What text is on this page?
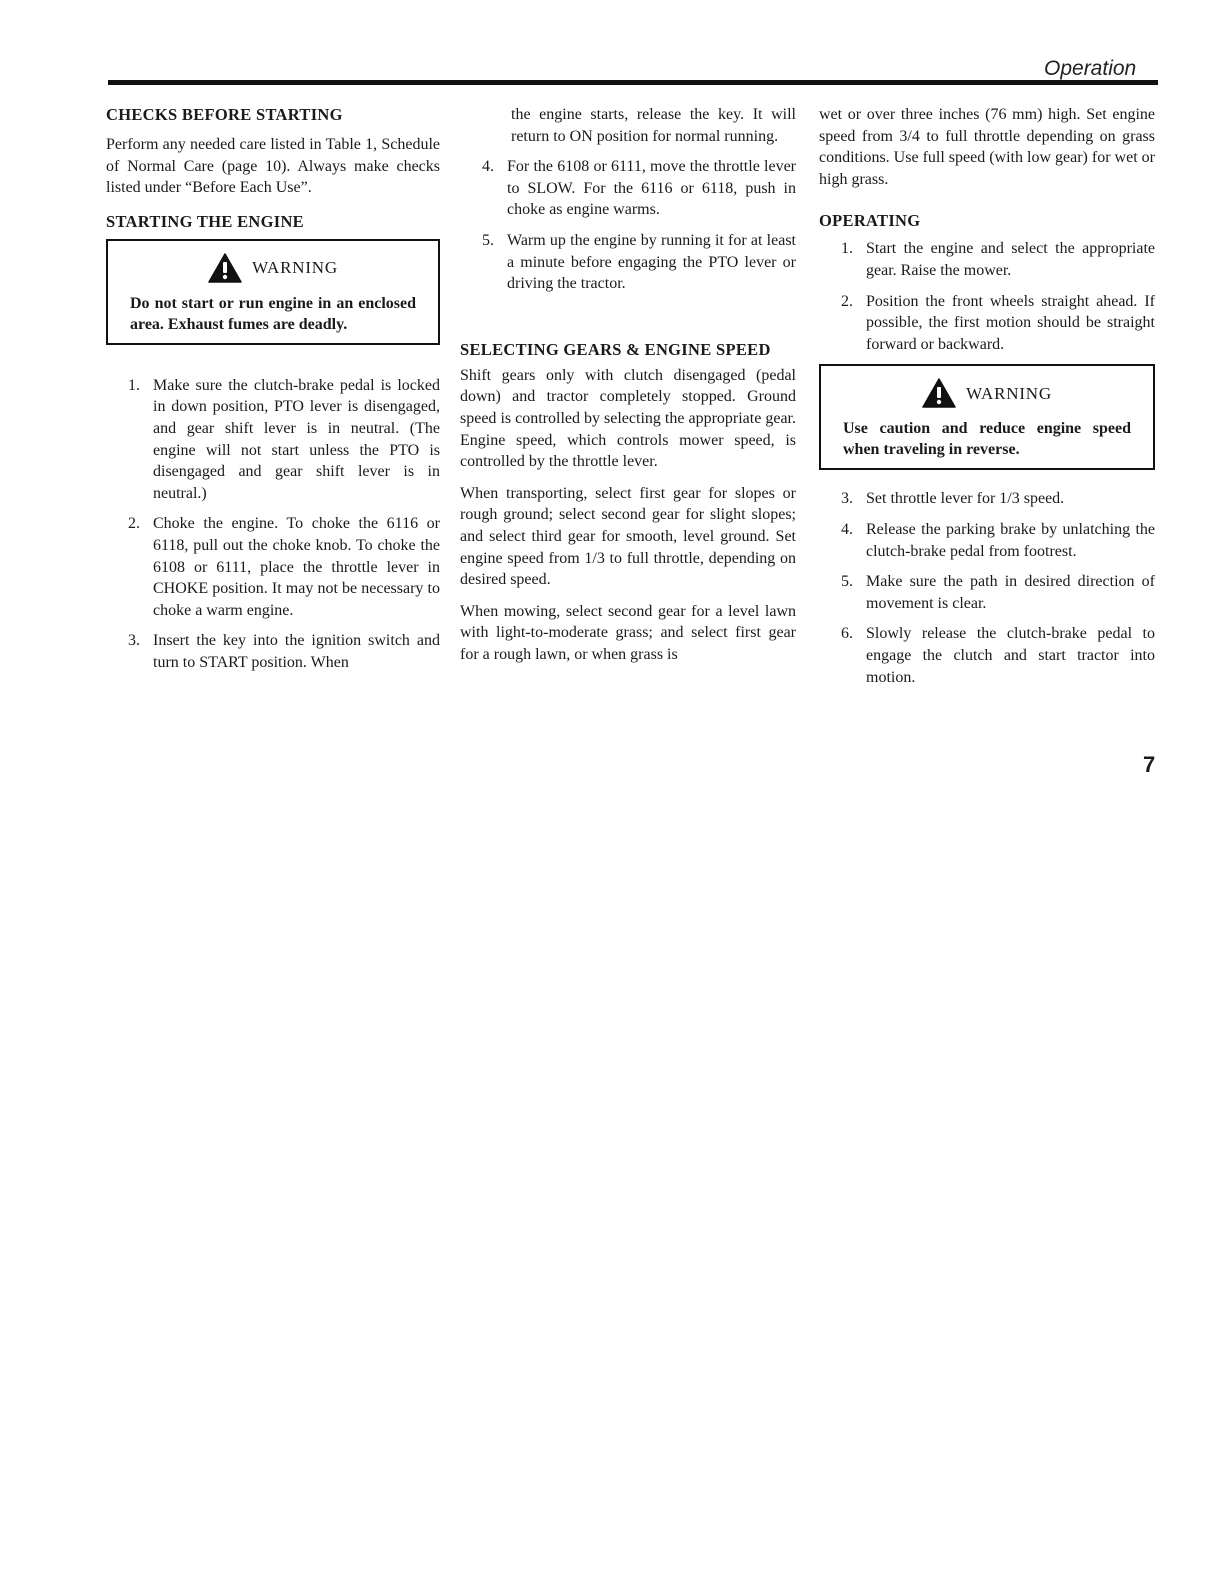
Operation
CHECKS BEFORE STARTING

Perform any needed care listed in Table 1, Schedule of Normal Care (page 10). Always make checks listed under “Before Each Use”.

STARTING THE ENGINE
WARNING
Do not start or run engine in an enclosed area. Exhaust fumes are deadly.
1. Make sure the clutch-brake pedal is locked in down position, PTO lever is disengaged, and gear shift lever is in neutral. (The engine will not start unless the PTO is disengaged and gear shift lever is in neutral.)
2. Choke the engine. To choke the 6116 or 6118, pull out the choke knob. To choke the 6108 or 6111, place the throttle lever in CHOKE position. It may not be necessary to choke a warm engine.
3. Insert the key into the ignition switch and turn to START position. When

the engine starts, release the key. It will return to ON position for normal running.

4. For the 6108 or 6111, move the throttle lever to SLOW. For the 6116 or 6118, push in choke as engine warms.
5. Warm up the engine by running it for at least a minute before engaging the PTO lever or driving the tractor.
SELECTING GEARS & ENGINE SPEED

Shift gears only with clutch disengaged (pedal down) and tractor completely stopped. Ground speed is controlled by selecting the appropriate gear. Engine speed, which controls mower speed, is controlled by the throttle lever.

When transporting, select first gear for slopes or rough ground; select second gear for slight slopes; and select third gear for smooth, level ground. Set engine speed from 1/3 to full throttle, depending on desired speed.

When mowing, select second gear for a level lawn with light-to-moderate grass; and select first gear for a rough lawn, or when grass is

wet or over three inches (76 mm) high. Set engine speed from 3/4 to full throttle depending on grass conditions. Use full speed (with low gear) for wet or high grass.

OPERATING
1. Start the engine and select the appropriate gear. Raise the mower.
2. Position the front wheels straight ahead. If possible, the first motion should be straight forward or backward.
WARNING
Use caution and reduce engine speed when traveling in reverse.
3. Set throttle lever for 1/3 speed.
4. Release the parking brake by unlatching the clutch-brake pedal from footrest.
5. Make sure the path in desired direction of movement is clear.
6. Slowly release the clutch-brake pedal to engage the clutch and start tractor into motion.
7
